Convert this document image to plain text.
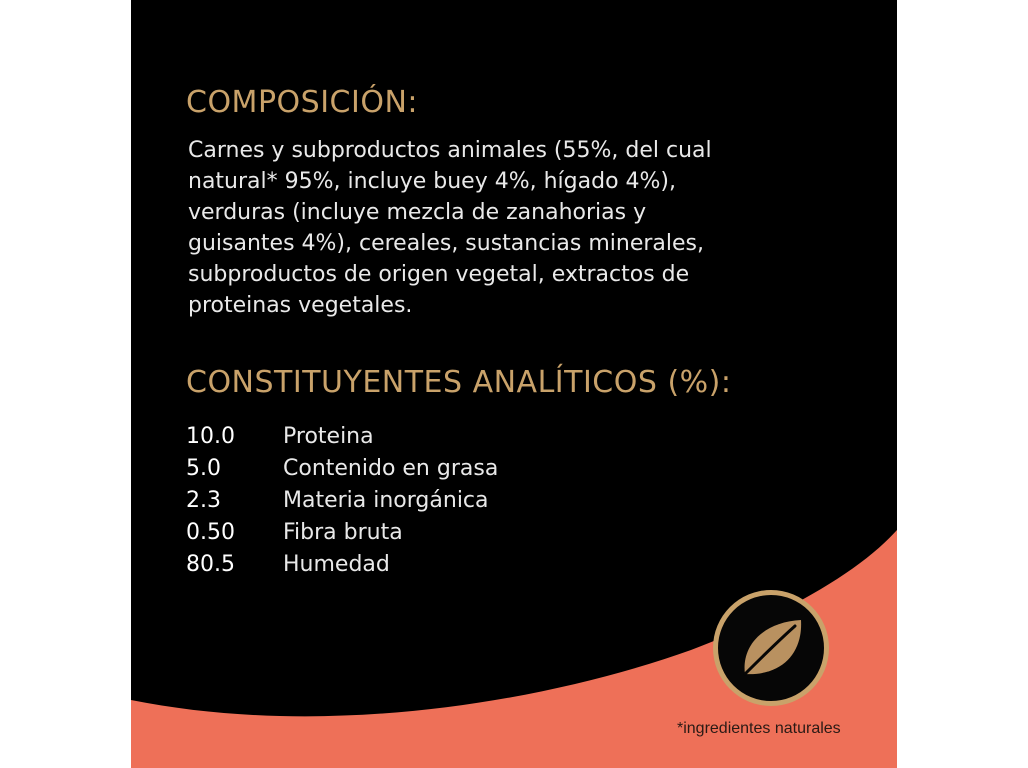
COMPOSICIÓN:

Carnes y subproductos animales (55%, del cual
natural* 95%, incluye buey 4%, hígado 4%),
verduras (incluye mezcla de zanahorias y
guisantes 4%), cereales, sustancias minerales,
subproductos de origen vegetal, extractos de
proteinas vegetales.

CONSTITUYENTES ANALÍTICOS (%):
10.0	Proteina
5.0	Contenido en grasa
2.3	Materia inorgánica
0.50	Fibra bruta
80.5	Humedad
*ingredientes naturales
